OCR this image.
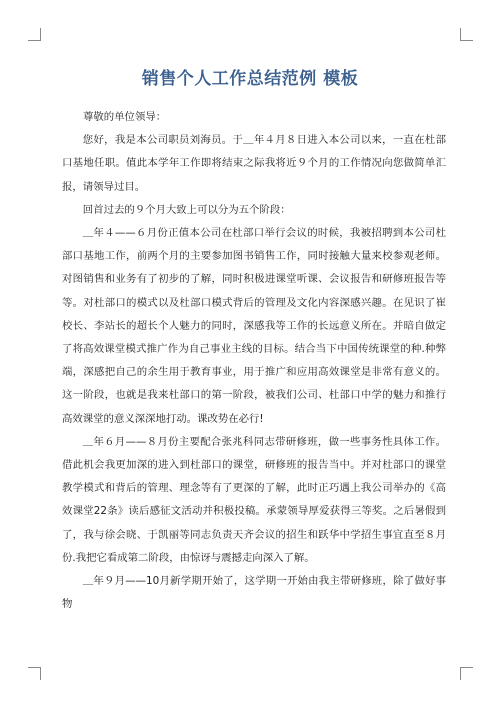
销售个人工作总结范例 模板

尊敬的单位领导：

您好，我是本公司职员刘海员。于＿年４月８日进入本公司以来，一直在杜部口基地任职。值此本学年工作即将结束之际我将近９个月的工作情况向您做简单汇报，请领导过目。

回首过去的９个月大致上可以分为五个阶段：

＿年４——６月份正值本公司在杜部口举行会议的时候，我被招聘到本公司杜部口基地工作，前两个月的主要参加图书销售工作，同时接触大量来校参观老师。对图销售和业务有了初步的了解，同时积极进课堂听课、会议报告和研修班报告等等。对杜部口的模式以及杜部口模式背后的管理及文化内容深感兴趣。在见识了崔校长、李站长的超长个人魅力的同时，深感我等工作的长远意义所在。并暗自做定了将高效课堂模式推广作为自己事业主线的目标。结合当下中国传统课堂的种.种弊端，深感把自己的余生用于教育事业，用于推广和应用高效课堂是非常有意义的。这一阶段，也就是我来杜部口的第一阶段，被我们公司、杜部口中学的魅力和推行高效课堂的意义深深地打动。课改势在必行!

＿年６月——８月份主要配合张兆科同志带研修班，做一些事务性具体工作。借此机会我更加深的进入到杜部口的课堂，研修班的报告当中。并对杜部口的课堂教学模式和背后的管理、理念等有了更深的了解，此时正巧遇上我公司举办的《高效课堂22条》读后感征文活动并积极投稿。承蒙领导厚爱获得三等奖。之后暑假到了，我与徐会晓、于凯丽等同志负责天齐会议的招生和跃华中学招生事宜直至８月份.我把它看成第二阶段，由惊讶与震撼走向深入了解。

＿年９月——10月新学期开始了，这学期一开始由我主带研修班，除了做好事物
